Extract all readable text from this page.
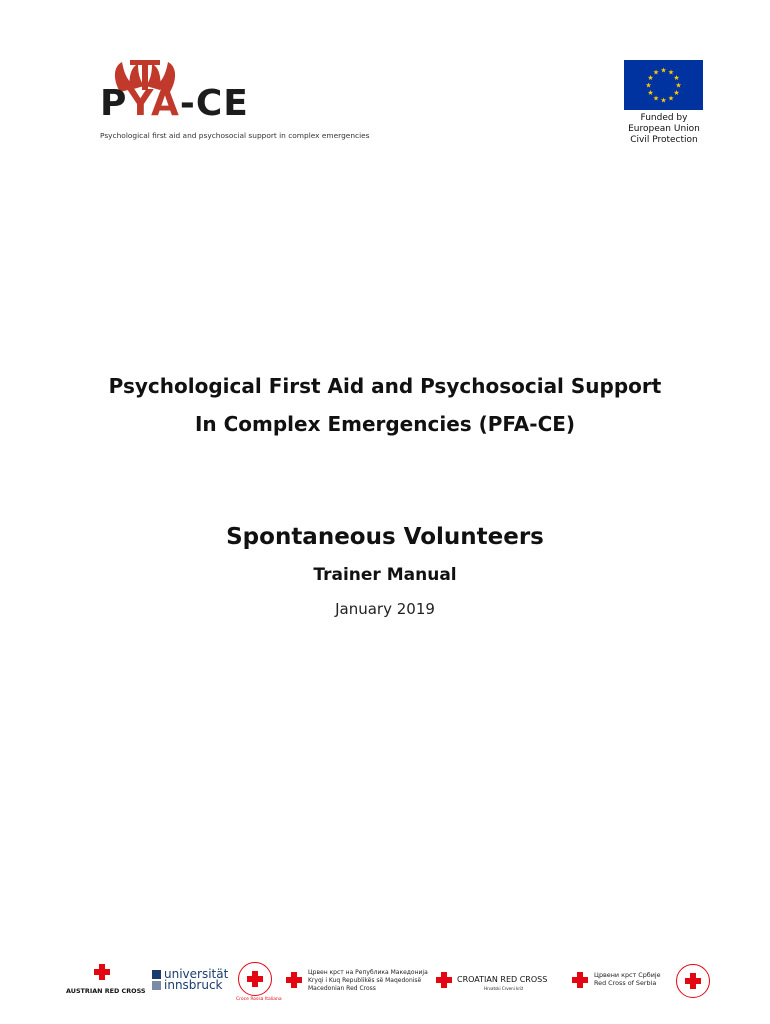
PYA-CE
Psychological first aid and psychosocial support in complex emergencies
★ ★
★
★
★
★
★
★
★
★
★
★
Funded by
European Union
Civil Protection
Psychological First Aid and Psychosocial Support
In Complex Emergencies (PFA-CE)
Spontaneous Volunteers
Trainer Manual
January 2019
AUSTRIAN RED CROSS
universität
innsbruck
Croce Rossa Italiana
Црвен крст на Република Македонија
Kryqi i Kuq Republikës së Maqedonisë
Macedonian Red Cross
CROATIAN RED CROSS
Hrvatski Crveni križ
Црвени крст Србије
Red Cross of Serbia
